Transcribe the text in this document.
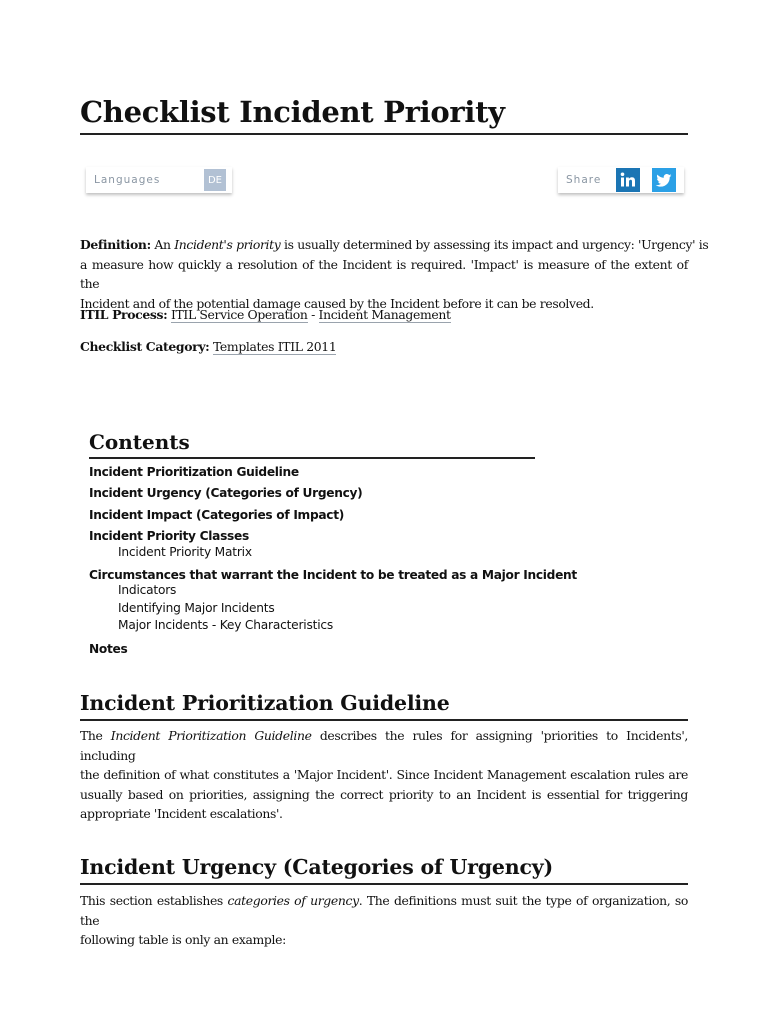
Checklist Incident Priority
Languages	DE	Share

Definition: An Incident's priority is usually determined by assessing its impact and urgency: 'Urgency' is
a measure how quickly a resolution of the Incident is required. 'Impact' is measure of the extent of the
Incident and of the potential damage caused by the Incident before it can be resolved.

ITIL Process: ITIL Service Operation - Incident Management

Checklist Category: Templates ITIL 2011

Contents
Incident Prioritization Guideline
Incident Urgency (Categories of Urgency)
Incident Impact (Categories of Impact)
Incident Priority Classes
Incident Priority Matrix
Circumstances that warrant the Incident to be treated as a Major Incident
Indicators
Identifying Major Incidents
Major Incidents - Key Characteristics
Notes
Incident Prioritization Guideline

The Incident Prioritization Guideline describes the rules for assigning 'priorities to Incidents', including
the definition of what constitutes a 'Major Incident'. Since Incident Management escalation rules are
usually based on priorities, assigning the correct priority to an Incident is essential for triggering
appropriate 'Incident escalations'.

Incident Urgency (Categories of Urgency)

This section establishes categories of urgency. The definitions must suit the type of organization, so the
following table is only an example:
